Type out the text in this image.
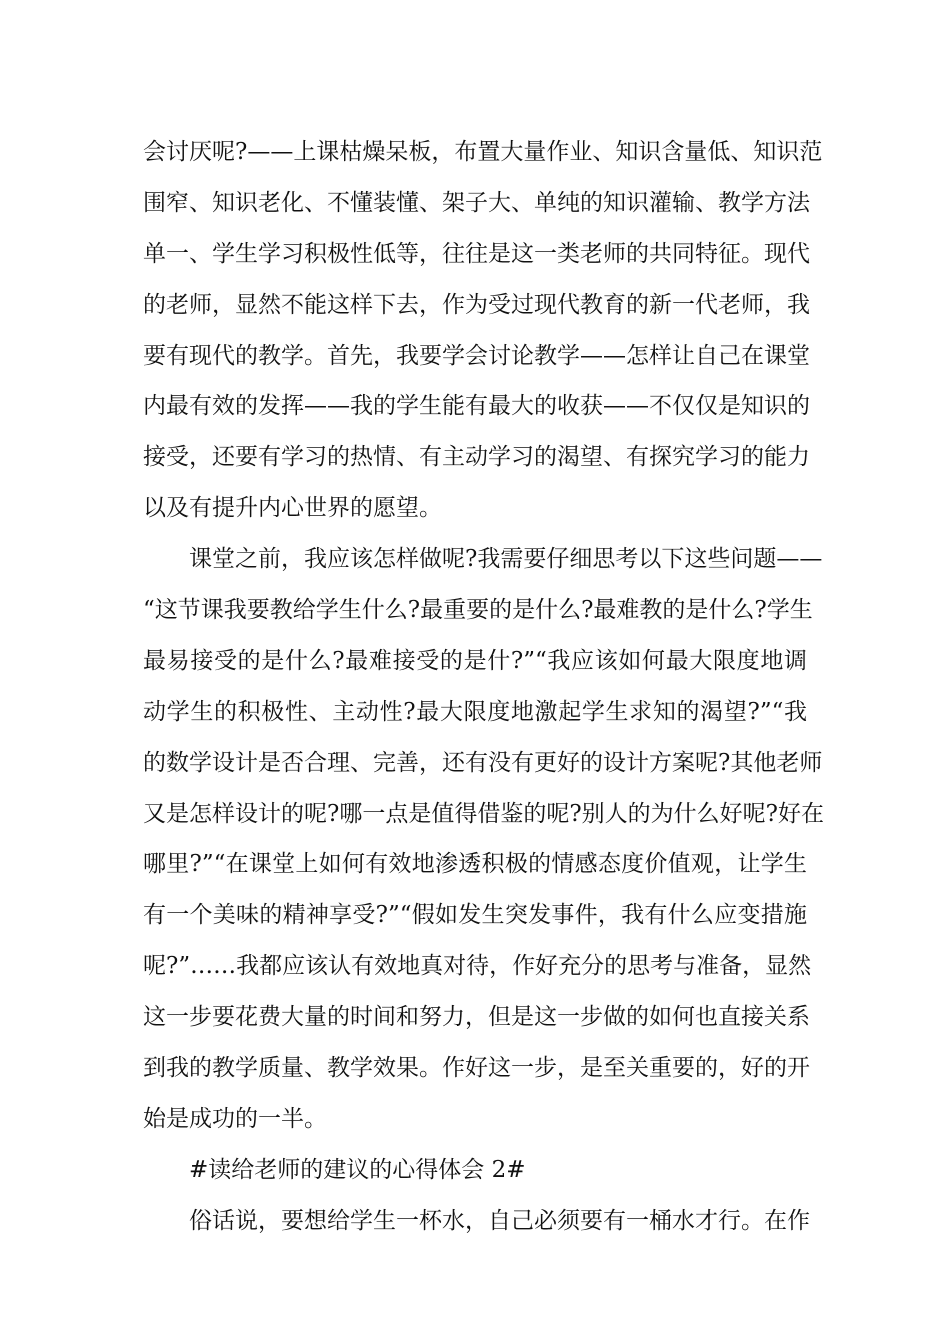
会讨厌呢?——上课枯燥呆板，布置大量作业、知识含量低、知识范
围窄、知识老化、不懂装懂、架子大、单纯的知识灌输、教学方法
单一、学生学习积极性低等，往往是这一类老师的共同特征。现代
的老师，显然不能这样下去，作为受过现代教育的新一代老师，我
要有现代的教学。首先，我要学会讨论教学——怎样让自己在课堂
内最有效的发挥——我的学生能有最大的收获——不仅仅是知识的
接受，还要有学习的热情、有主动学习的渴望、有探究学习的能力
以及有提升内心世界的愿望。
课堂之前，我应该怎样做呢?我需要仔细思考以下这些问题——
“这节课我要教给学生什么?最重要的是什么?最难教的是什么?学生
最易接受的是什么?最难接受的是什?”“我应该如何最大限度地调
动学生的积极性、主动性?最大限度地激起学生求知的渴望?”“我
的数学设计是否合理、完善，还有没有更好的设计方案呢?其他老师
又是怎样设计的呢?哪一点是值得借鉴的呢?别人的为什么好呢?好在
哪里?”“在课堂上如何有效地渗透积极的情感态度价值观，让学生
有一个美味的精神享受?”“假如发生突发事件，我有什么应变措施
呢?”……我都应该认有效地真对待，作好充分的思考与准备，显然
这一步要花费大量的时间和努力，但是这一步做的如何也直接关系
到我的教学质量、教学效果。作好这一步，是至关重要的，好的开
始是成功的一半。
#读给老师的建议的心得体会 2#
俗话说，要想给学生一杯水，自己必须要有一桶水才行。在作
